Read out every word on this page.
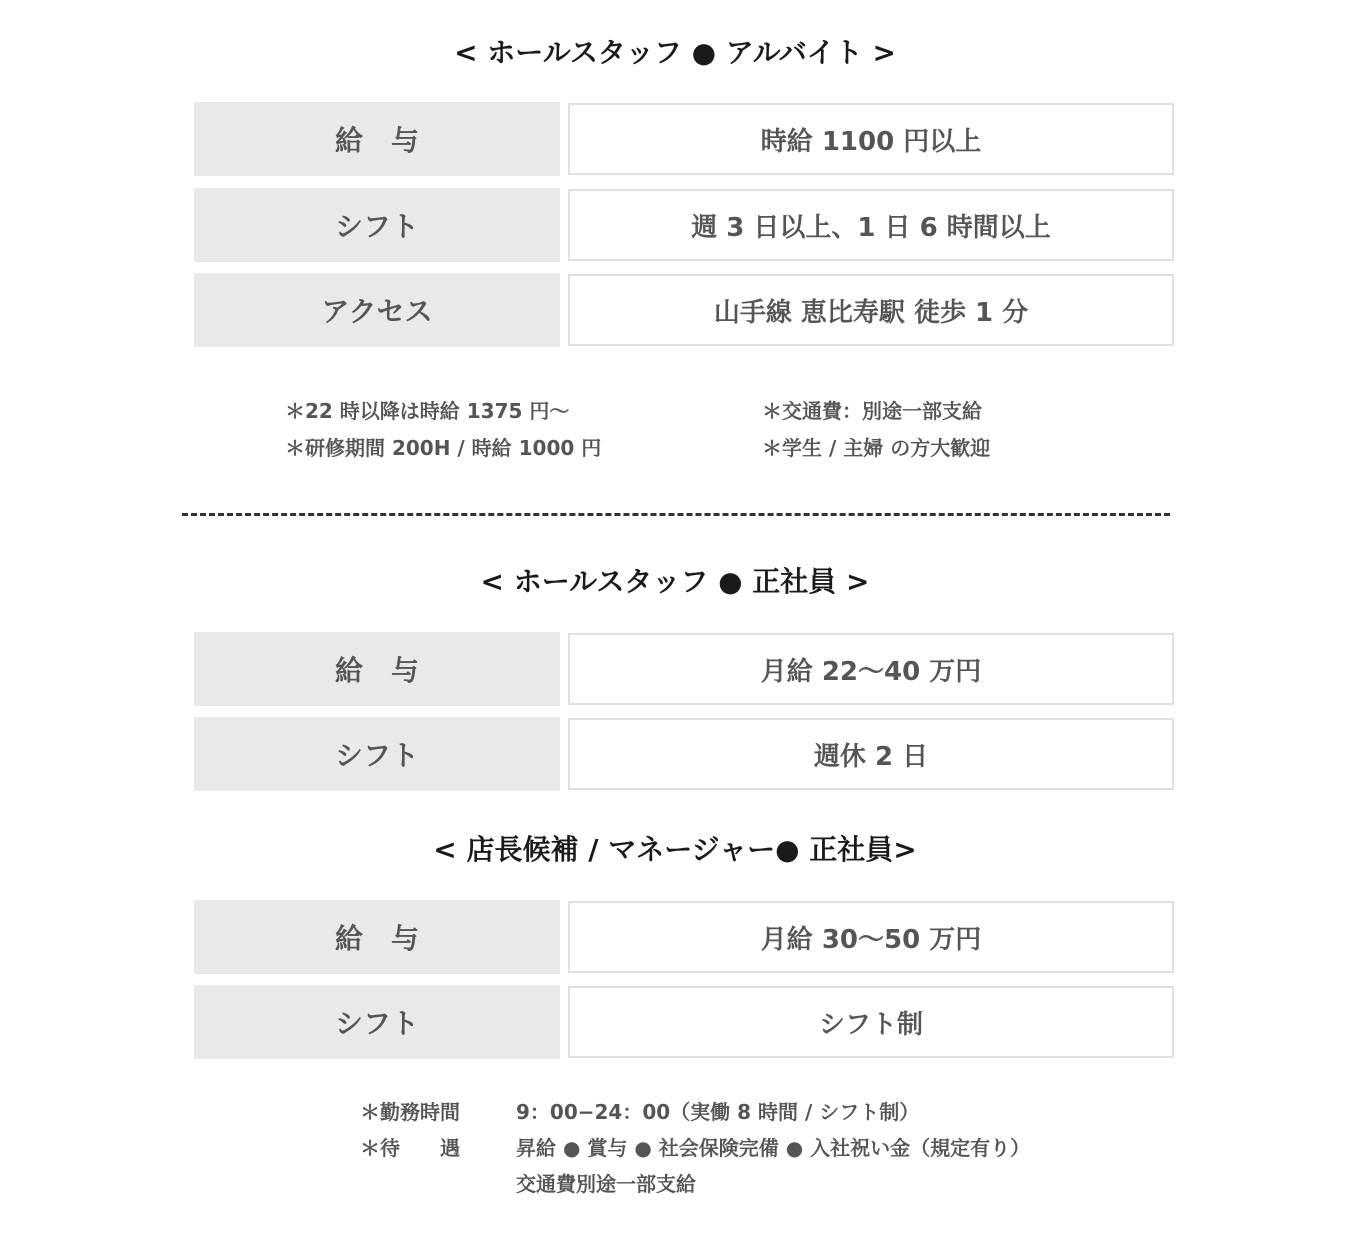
< ホールスタッフ ● アルバイト >
給　与	時給 1100 円以上
シフト	週 3 日以上、1 日 6 時間以上
アクセス	山手線 恵比寿駅 徒歩 1 分
＊22 時以降は時給 1375 円～
＊研修期間 200H / 時給 1000 円
＊交通費：別途一部支給
＊学生 / 主婦 の方大歓迎
< ホールスタッフ ● 正社員 >
給　与	月給 22～40 万円
シフト	週休 2 日
< 店長候補 / マネージャー● 正社員>
給　与	月給 30～50 万円
シフト	シフト制
＊勤務時間	9：00−24：00（実働 8 時間 / シフト制）
＊待　　遇	昇給 ● 賞与 ● 社会保険完備 ● 入社祝い金（規定有り）
交通費別途一部支給
